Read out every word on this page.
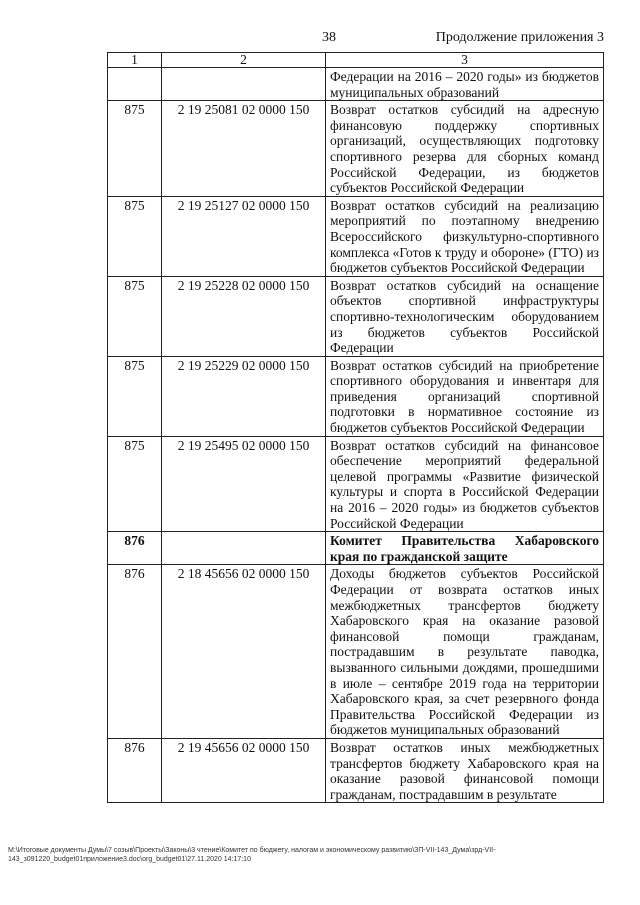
38	Продолжение приложения 3
1	2	3
		Федерации на 2016 – 2020 годы» из бюджетов муниципальных образований
875	2 19 25081 02 0000 150	Возврат остатков субсидий на адресную финансовую поддержку спортивных организаций, осуществляющих подготовку спортивного резерва для сборных команд Российской Федерации, из бюджетов субъектов Российской Федерации
875	2 19 25127 02 0000 150	Возврат остатков субсидий на реализацию мероприятий по поэтапному внедрению Всероссийского физкультурно-спортивного комплекса «Готов к труду и обороне» (ГТО) из бюджетов субъектов Российской Федерации
875	2 19 25228 02 0000 150	Возврат остатков субсидий на оснащение объектов спортивной инфраструктуры спортивно-технологическим оборудованием из бюджетов субъектов Российской Федерации
875	2 19 25229 02 0000 150	Возврат остатков субсидий на приобретение спортивного оборудования и инвентаря для приведения организаций спортивной подготовки в нормативное состояние из бюджетов субъектов Российской Федерации
875	2 19 25495 02 0000 150	Возврат остатков субсидий на финансовое обеспечение мероприятий федеральной целевой программы «Развитие физической культуры и спорта в Российской Федерации на 2016 – 2020 годы» из бюджетов субъектов Российской Федерации
876		Комитет Правительства Хабаровского края по гражданской защите
876	2 18 45656 02 0000 150	Доходы бюджетов субъектов Российской Федерации от возврата остатков иных межбюджетных трансфертов бюджету Хабаровского края на оказание разовой финансовой помощи гражданам, пострадавшим в результате паводка, вызванного сильными дождями, прошедшими в июле – сентябре 2019 года на территории Хабаровского края, за счет резервного фонда Правительства Российской Федерации из бюджетов муниципальных образований
876	2 19 45656 02 0000 150	Возврат остатков иных межбюджетных трансфертов бюджету Хабаровского края на оказание разовой финансовой помощи гражданам, пострадавшим в результате
M:\Итоговые документы Думы\7 созыв\Проекты\Законы\3 чтение\Комитет по бюджету, налогам и экономическому развитию\ЗП-VII-143_Дума\зрд-VII-143_з091220_budget01приложение3.doc\org_budget01\27.11.2020 14:17:10
